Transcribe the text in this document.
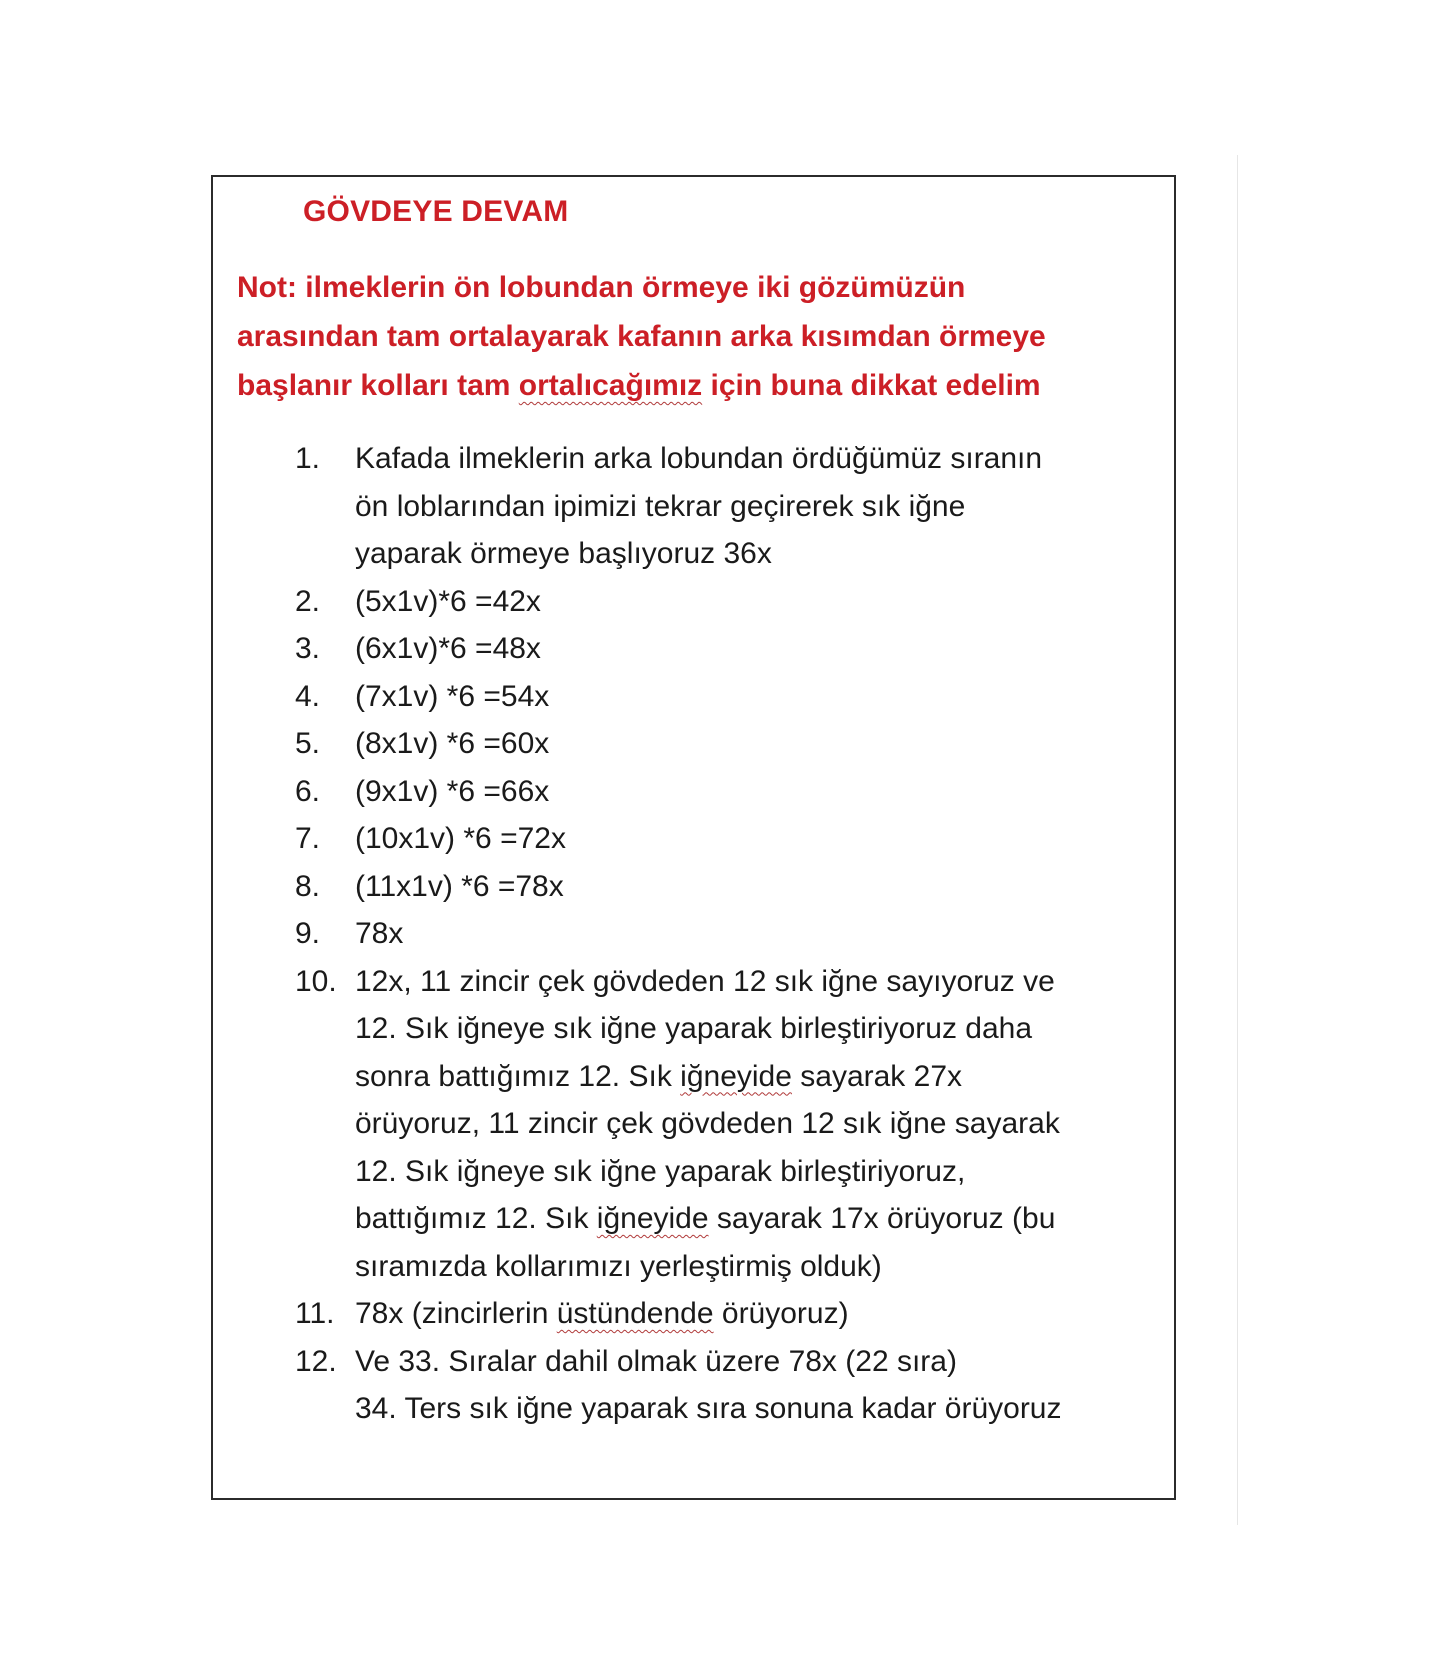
GÖVDEYE DEVAM

Not: ilmeklerin ön lobundan örmeye iki gözümüzün
arasından tam ortalayarak kafanın arka kısımdan örmeye
başlanır kolları tam ortalıcağımız için buna dikkat edelim

1. Kafada ilmeklerin arka lobundan ördüğümüz sıranın
ön loblarından ipimizi tekrar geçirerek sık iğne
yaparak örmeye başlıyoruz 36x
2. (5x1v)*6 =42x
3. (6x1v)*6 =48x
4. (7x1v) *6 =54x
5. (8x1v) *6 =60x
6. (9x1v) *6 =66x
7. (10x1v) *6 =72x
8. (11x1v) *6 =78x
9. 78x
10. 12x, 11 zincir çek gövdeden 12 sık iğne sayıyoruz ve
12. Sık iğneye sık iğne yaparak birleştiriyoruz daha
sonra battığımız 12. Sık iğneyide sayarak 27x
örüyoruz, 11 zincir çek gövdeden 12 sık iğne sayarak
12. Sık iğneye sık iğne yaparak birleştiriyoruz,
battığımız 12. Sık iğneyide sayarak 17x örüyoruz (bu
sıramızda kollarımızı yerleştirmiş olduk)
11. 78x (zincirlerin üstündende örüyoruz)
12. Ve 33. Sıralar dahil olmak üzere 78x (22 sıra)
34. Ters sık iğne yaparak sıra sonuna kadar örüyoruz
